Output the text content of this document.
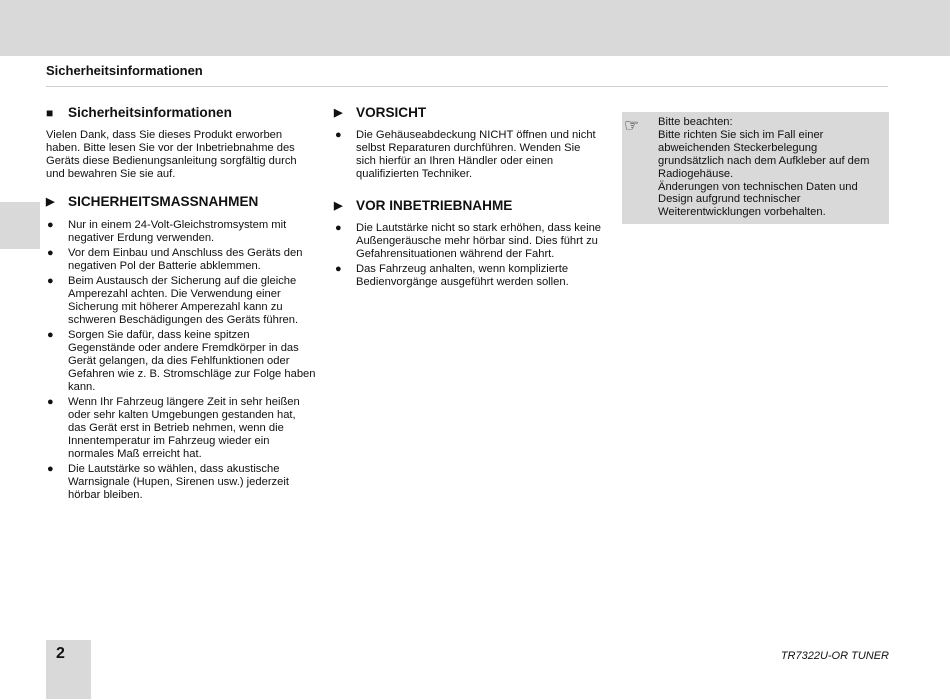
Sicherheitsinformationen
■	Sicherheitsinformationen

Vielen Dank, dass Sie dieses Produkt erworben haben. Bitte lesen Sie vor der Inbetriebnahme des Geräts diese Bedienungsanleitung sorgfältig durch und bewahren Sie sie auf.

▶ SICHERHEITSMASSNAHMEN
● Nur in einem 24-Volt-Gleichstromsystem mit negativer Erdung verwenden.
● Vor dem Einbau und Anschluss des Geräts den negativen Pol der Batterie abklemmen.
● Beim Austausch der Sicherung auf die gleiche Amperezahl achten. Die Verwendung einer Sicherung mit höherer Amperezahl kann zu schweren Beschädigungen des Geräts führen.
● Sorgen Sie dafür, dass keine spitzen Gegenstände oder andere Fremdkörper in das Gerät gelangen, da dies Fehlfunktionen oder Gefahren wie z. B. Stromschläge zur Folge haben kann.
● Wenn Ihr Fahrzeug längere Zeit in sehr heißen oder sehr kalten Umgebungen gestanden hat, das Gerät erst in Betrieb nehmen, wenn die Innentemperatur im Fahrzeug wieder ein normales Maß erreicht hat.
● Die Lautstärke so wählen, dass akustische Warnsignale (Hupen, Sirenen usw.) jederzeit hörbar bleiben.
▶ VORSICHT
● Die Gehäuseabdeckung NICHT öffnen und nicht selbst Reparaturen durchführen. Wenden Sie sich hierfür an Ihren Händler oder einen qualifizierten Techniker.
▶ VOR INBETRIEBNAHME
● Die Lautstärke nicht so stark erhöhen, dass keine Außengeräusche mehr hörbar sind. Dies führt zu Gefahrensituationen während der Fahrt.
● Das Fahrzeug anhalten, wenn komplizierte Bedienvorgänge ausgeführt werden sollen.
☞ Bitte beachten:
Bitte richten Sie sich im Fall einer abweichenden Steckerbelegung grundsätzlich nach dem Aufkleber auf dem Radiogehäuse.
Änderungen von technischen Daten und Design aufgrund technischer Weiterentwicklungen vorbehalten.
2	TR7322U-OR TUNER
